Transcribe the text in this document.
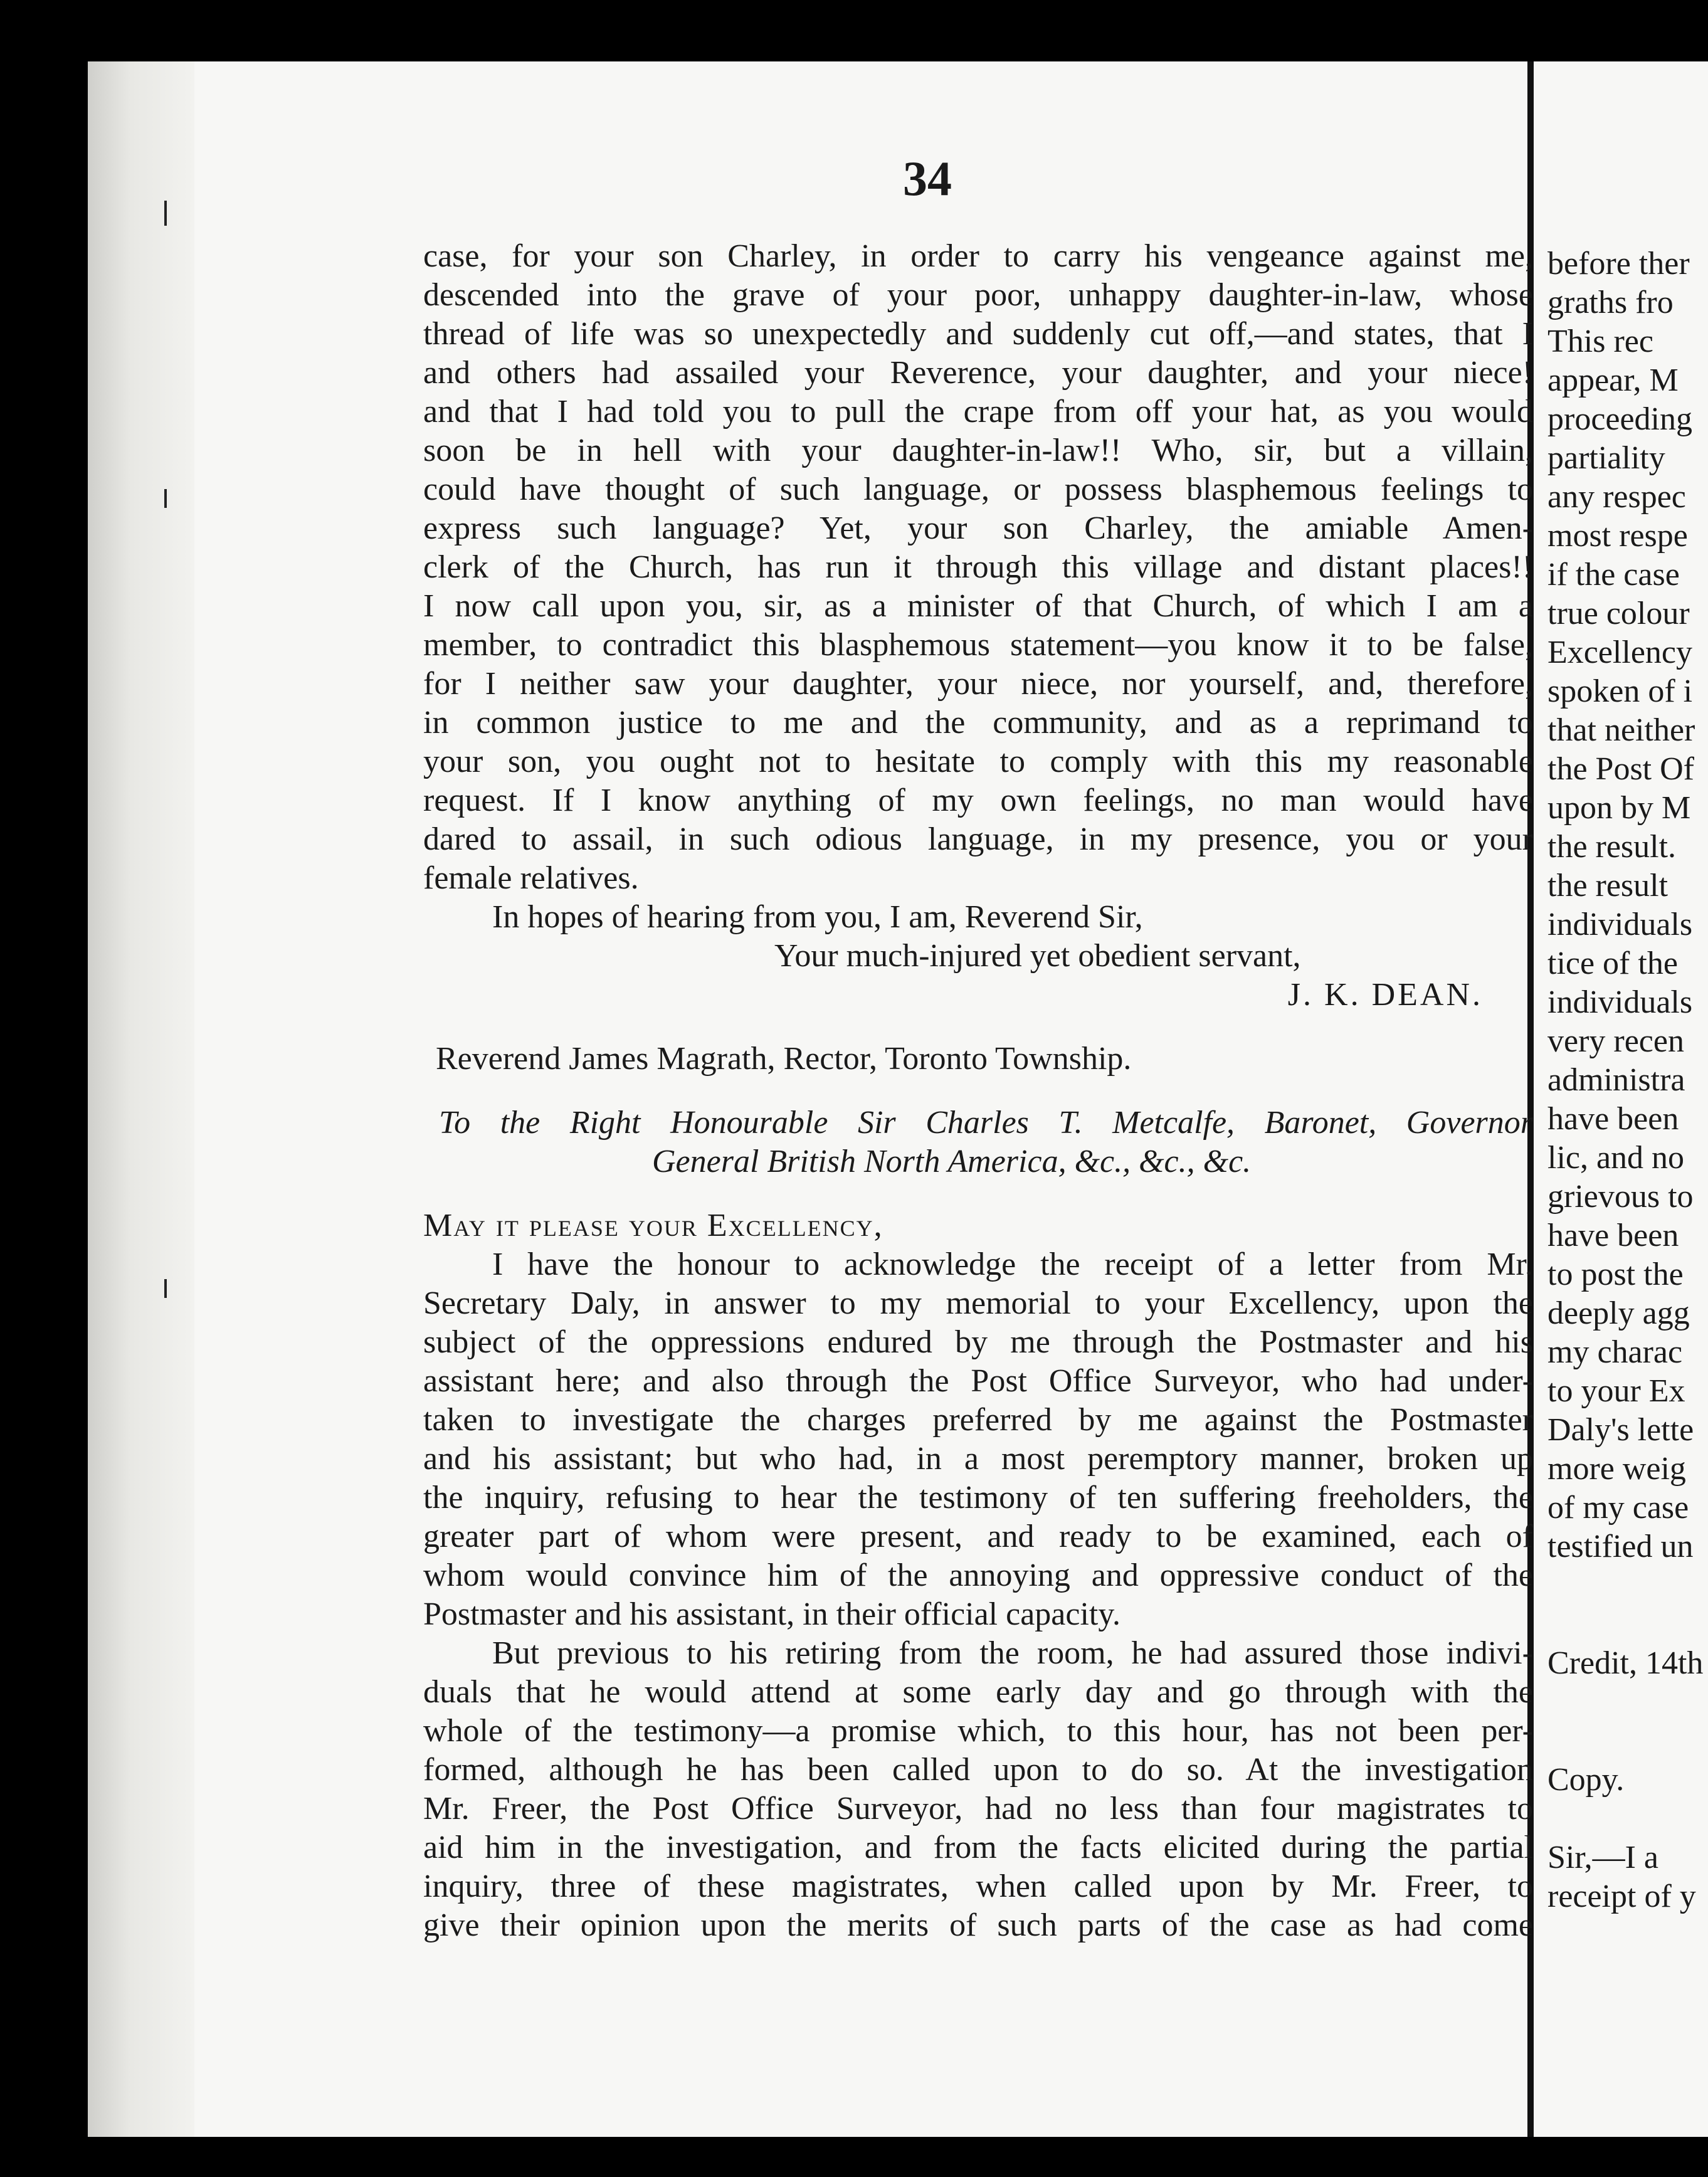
34
case, for your son Charley, in order to carry his vengeance against me,
descended into the grave of your poor, unhappy daughter-in-law, whose
thread of life was so unexpectedly and suddenly cut off,—and states, that I
and others had assailed your Reverence, your daughter, and your niece!
and that I had told you to pull the crape from off your hat, as you would
soon be in hell with your daughter-in-law!! Who, sir, but a villain,
could have thought of such language, or possess blasphemous feelings to
express such language? Yet, your son Charley, the amiable Amen-
clerk of the Church, has run it through this village and distant places!!
I now call upon you, sir, as a minister of that Church, of which I am a
member, to contradict this blasphemous statement—you know it to be false,
for I neither saw your daughter, your niece, nor yourself, and, therefore,
in common justice to me and the community, and as a reprimand to
your son, you ought not to hesitate to comply with this my reasonable
request. If I know anything of my own feelings, no man would have
dared to assail, in such odious language, in my presence, you or your
female relatives.
In hopes of hearing from you, I am, Reverend Sir,
Your much-injured yet obedient servant,
J. K. DEAN.
Reverend James Magrath, Rector, Toronto Township.
To the Right Honourable Sir Charles T. Metcalfe, Baronet, Governor
General British North America, &c., &c., &c.
May it please your Excellency,
I have the honour to acknowledge the receipt of a letter from Mr.
Secretary Daly, in answer to my memorial to your Excellency, upon the
subject of the oppressions endured by me through the Postmaster and his
assistant here; and also through the Post Office Surveyor, who had under-
taken to investigate the charges preferred by me against the Postmaster
and his assistant; but who had, in a most peremptory manner, broken up
the inquiry, refusing to hear the testimony of ten suffering freeholders, the
greater part of whom were present, and ready to be examined, each of
whom would convince him of the annoying and oppressive conduct of the
Postmaster and his assistant, in their official capacity.
But previous to his retiring from the room, he had assured those indivi-
duals that he would attend at some early day and go through with the
whole of the testimony—a promise which, to this hour, has not been per-
formed, although he has been called upon to do so. At the investigation
Mr. Freer, the Post Office Surveyor, had no less than four magistrates to
aid him in the investigation, and from the facts elicited during the partial
inquiry, three of these magistrates, when called upon by Mr. Freer, to
give their opinion upon the merits of such parts of the case as had come
before ther
graths fro
This rec
appear, M
proceeding
partiality
any respec
most respe
if the case
true colour
Excellency
spoken of i
that neither
the Post Of
upon by M
the result.
the result
individuals
tice of the
individuals
very recen
administra
have been
lic, and no
grievous to
have been
to post the
deeply agg
my charac
to your Ex
Daly's lette
more weig
of my case
testified un
Credit, 14th
Copy.
Sir,—I a
receipt of y
